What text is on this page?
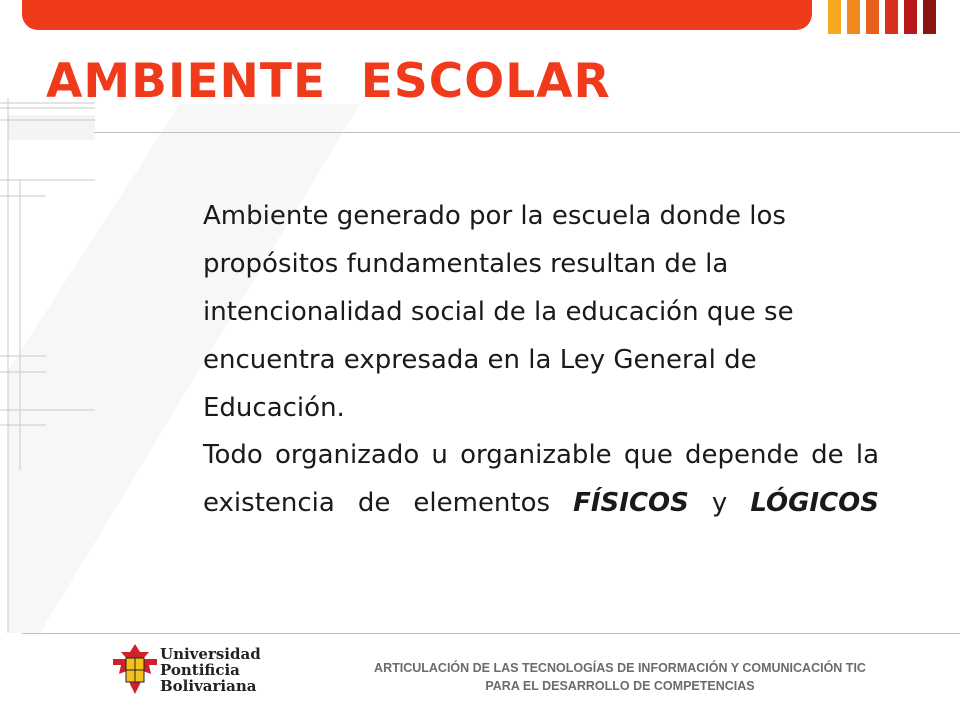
AMBIENTE  ESCOLAR
Ambiente generado por la escuela donde los propósitos fundamentales resultan de la intencionalidad social de la educación que se encuentra expresada en la Ley General de Educación.
Todo organizado u organizable que depende de la existencia de elementos FÍSICOS y LÓGICOS
Universidad
Pontificia
Bolivariana
ARTICULACIÓN DE LAS TECNOLOGÍAS DE INFORMACIÓN Y COMUNICACIÓN TIC
PARA EL DESARROLLO DE COMPETENCIAS
